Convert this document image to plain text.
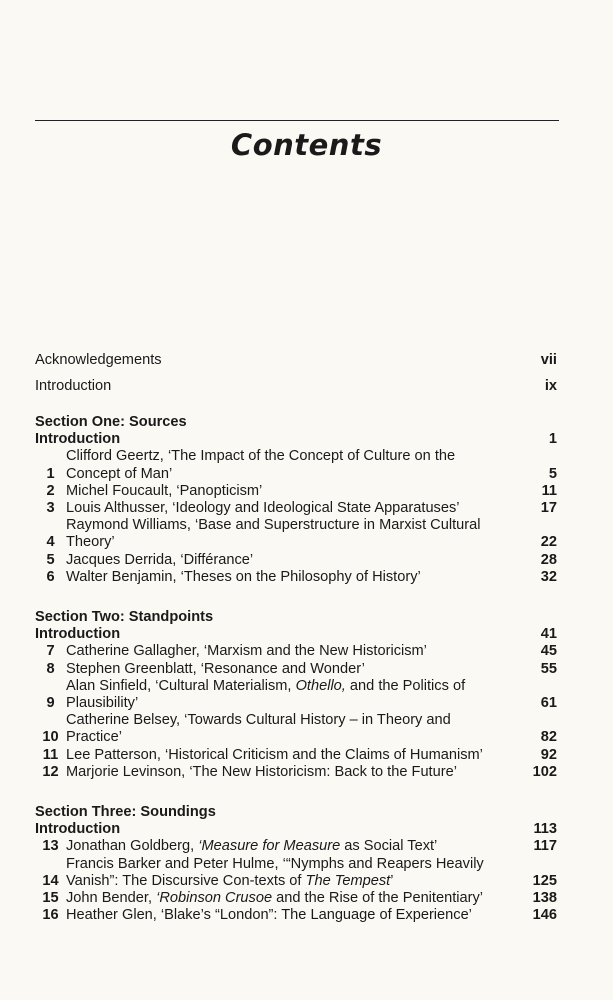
Contents
Acknowledgements	vii
Introduction	ix
Section One: Sources
Introduction	1
1
Clifford Geertz, ‘The Impact of the Concept of Culture on the
Concept of Man’	5
2 Michel Foucault, ‘Panopticism’	11
3 Louis Althusser, ‘Ideology and Ideological State Apparatuses’	17
4
Raymond Williams, ‘Base and Superstructure in Marxist Cultural
Theory’	22
5 Jacques Derrida, ‘Différance’	28
6 Walter Benjamin, ‘Theses on the Philosophy of History’	32
Section Two: Standpoints
Introduction	41
7 Catherine Gallagher, ‘Marxism and the New Historicism’	45
8 Stephen Greenblatt, ‘Resonance and Wonder’	55
9
Alan Sinfield, ‘Cultural Materialism, Othello, and the Politics of
Plausibility’	61
10
Catherine Belsey, ‘Towards Cultural History – in Theory and
Practice’	82
11 Lee Patterson, ‘Historical Criticism and the Claims of Humanism’	92
12 Marjorie Levinson, ‘The New Historicism: Back to the Future’	102
Section Three: Soundings
Introduction	113
13 Jonathan Goldberg, ‘Measure for Measure as Social Text’	117
14
Francis Barker and Peter Hulme, ‘“Nymphs and Reapers Heavily
Vanish”: The Discursive Con-texts of The Tempest’	125
15 John Bender, ‘Robinson Crusoe and the Rise of the Penitentiary’	138
16 Heather Glen, ‘Blake’s “London”: The Language of Experience’	146
